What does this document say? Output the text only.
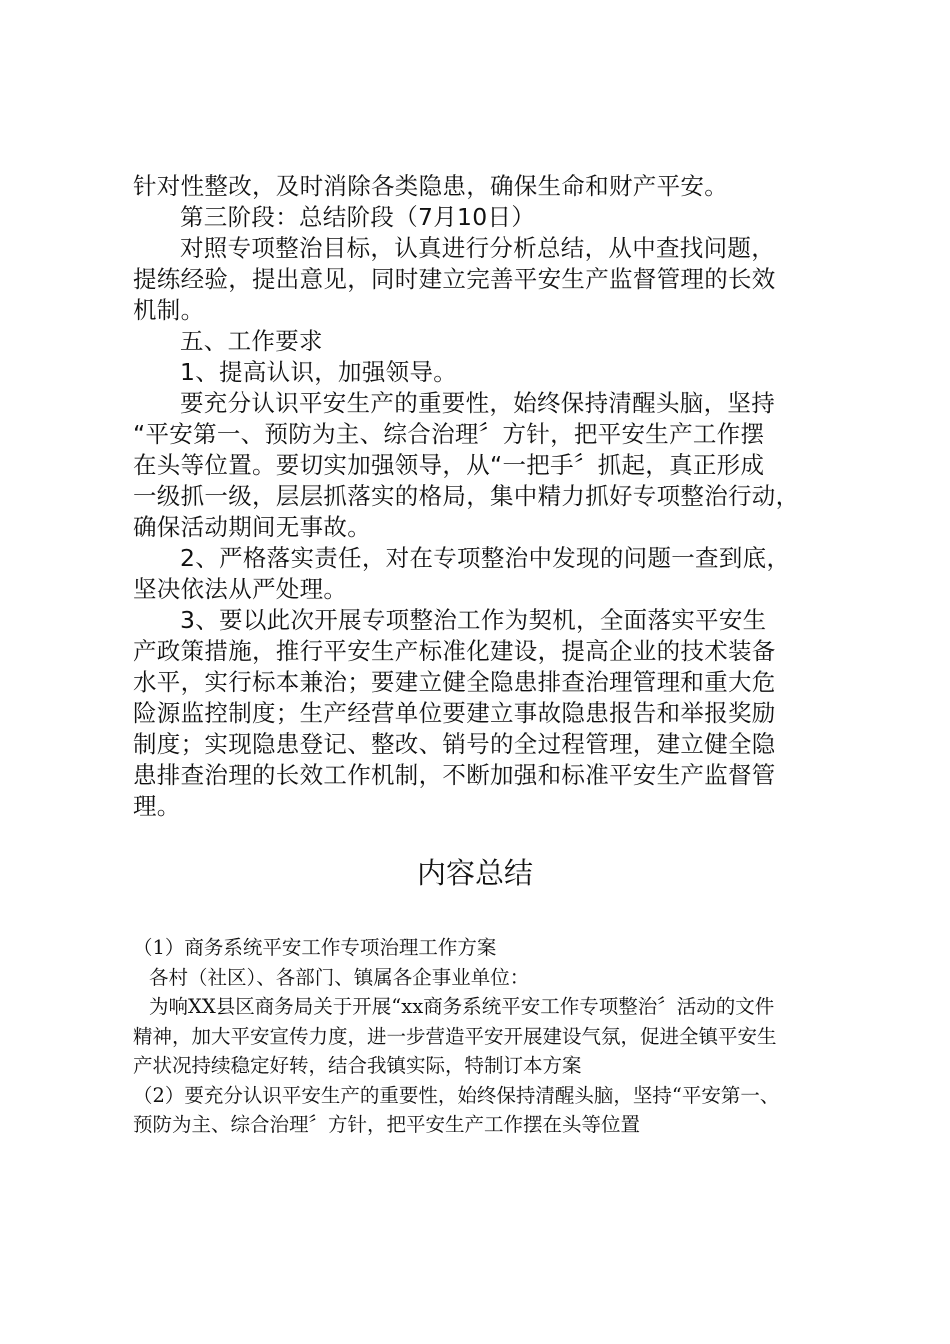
针对性整改，及时消除各类隐患，确保生命和财产平安。
第三阶段：总结阶段（7月10日）
对照专项整治目标，认真进行分析总结，从中查找问题，
提练经验，提出意见，同时建立完善平安生产监督管理的长效
机制。
五、工作要求
1、提高认识，加强领导。
要充分认识平安生产的重要性，始终保持清醒头脑，坚持
“平安第一、预防为主、综合治理〞方针，把平安生产工作摆
在头等位置。要切实加强领导，从“一把手〞抓起，真正形成
一级抓一级，层层抓落实的格局，集中精力抓好专项整治行动，
确保活动期间无事故。
2、严格落实责任，对在专项整治中发现的问题一查到底，
坚决依法从严处理。
3、要以此次开展专项整治工作为契机，全面落实平安生
产政策措施，推行平安生产标准化建设，提高企业的技术装备
水平，实行标本兼治；要建立健全隐患排查治理管理和重大危
险源监控制度；生产经营单位要建立事故隐患报告和举报奖励
制度；实现隐患登记、整改、销号的全过程管理，建立健全隐
患排查治理的长效工作机制，不断加强和标准平安生产监督管
理。
内容总结
（1）商务系统平安工作专项治理工作方案
各村（社区）、各部门、镇属各企事业单位：
为响XX县区商务局关于开展“xx商务系统平安工作专项整治〞活动的文件
精神，加大平安宣传力度，进一步营造平安开展建设气氛，促进全镇平安生
产状况持续稳定好转，结合我镇实际，特制订本方案
（2）要充分认识平安生产的重要性，始终保持清醒头脑，坚持“平安第一、
预防为主、综合治理〞方针，把平安生产工作摆在头等位置
